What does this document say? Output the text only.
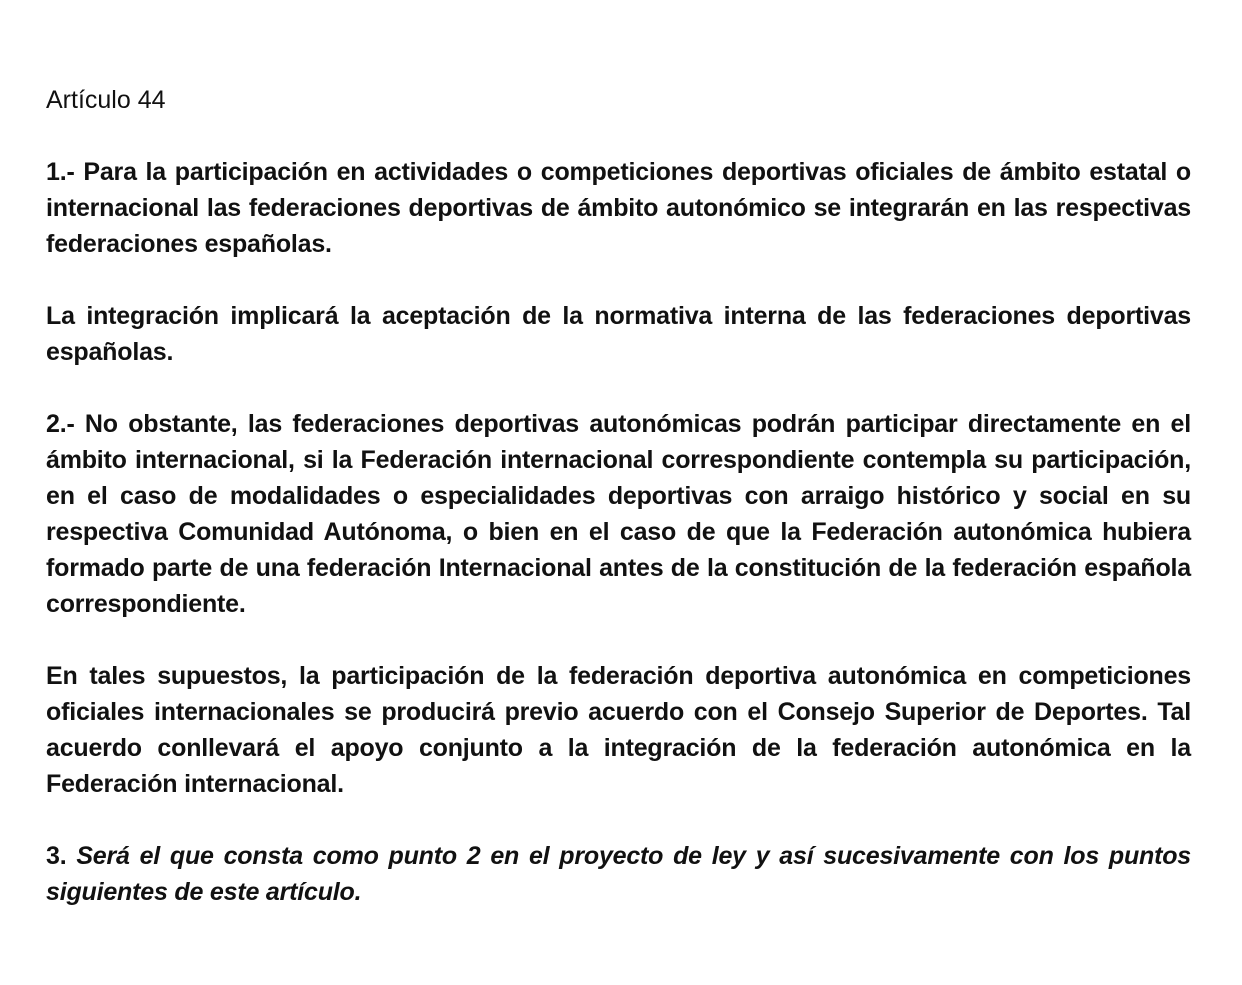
Artículo 44

1.- Para la participación en actividades o competiciones deportivas oficiales de ámbito estatal o internacional las federaciones deportivas de ámbito autonómico se integrarán en las respectivas federaciones españolas.

La integración implicará la aceptación de la normativa interna de las federaciones deportivas españolas.

2.- No obstante, las federaciones deportivas autonómicas podrán participar directamente en el ámbito internacional, si la Federación internacional correspondiente contempla su participación, en el caso de modalidades o especialidades deportivas con arraigo histórico y social en su respectiva Comunidad Autónoma, o bien en el caso de que la Federación autonómica hubiera formado parte de una federación Internacional antes de la constitución de la federación española correspondiente.

En tales supuestos, la participación de la federación deportiva autonómica en competiciones oficiales internacionales se producirá previo acuerdo con el Consejo Superior de Deportes. Tal acuerdo conllevará el apoyo conjunto a la integración de la federación autonómica en la Federación internacional.

3. Será el que consta como punto 2 en el proyecto de ley y así sucesivamente con los puntos siguientes de este artículo.
